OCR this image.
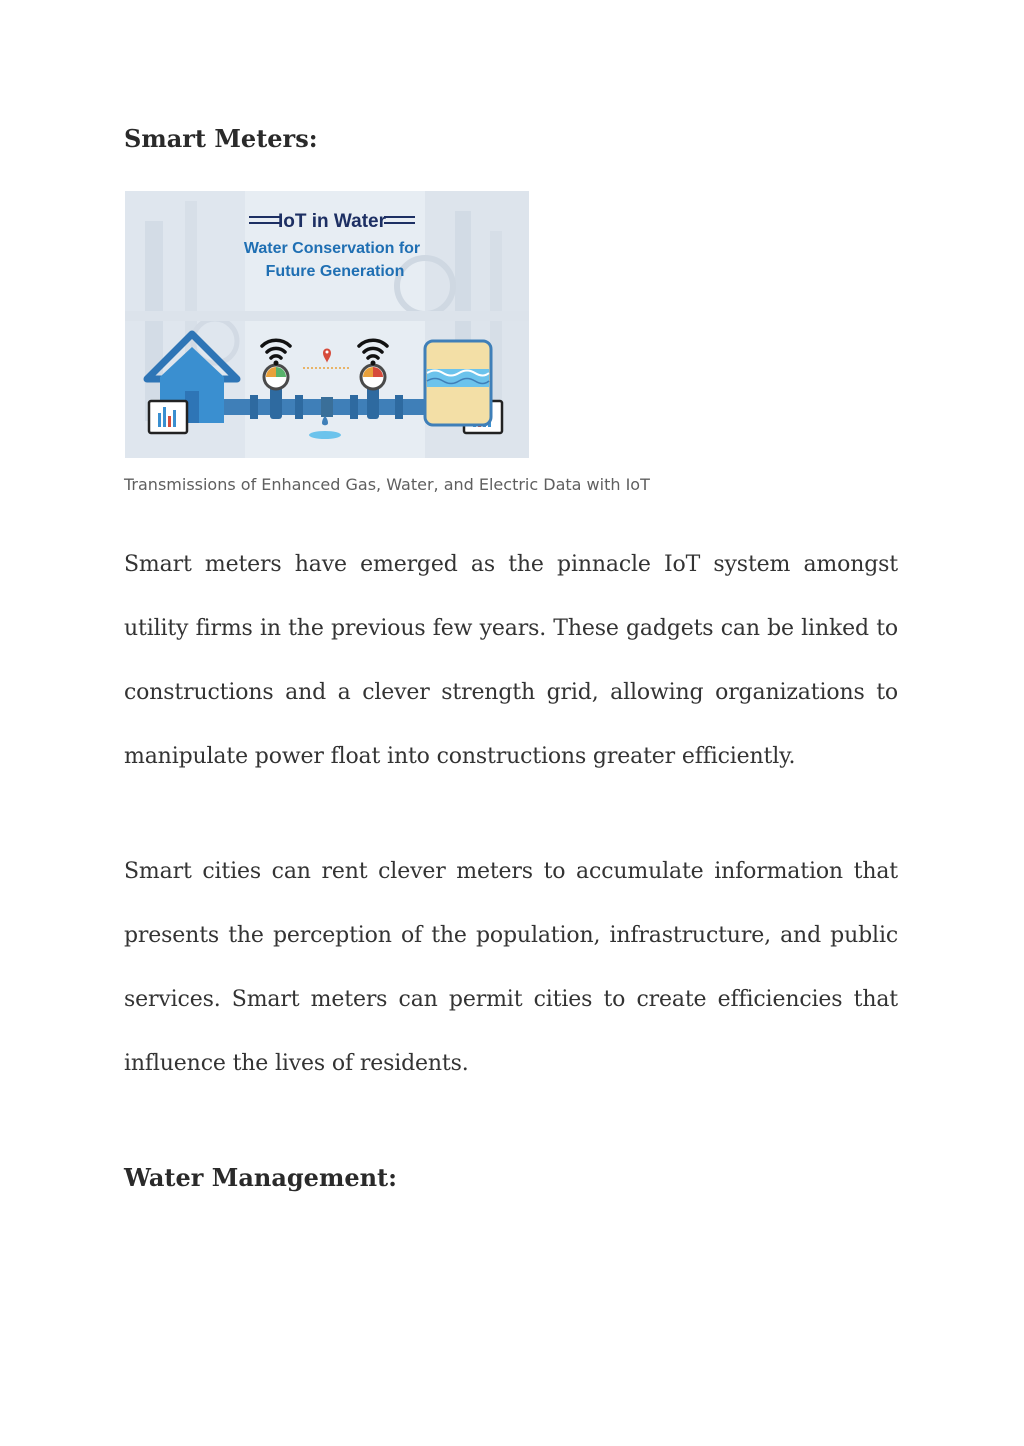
Smart Meters:
IoT in Water
Water Conservation for
Future Generation
Transmissions of Enhanced Gas, Water, and Electric Data with IoT

Smart meters have emerged as the pinnacle IoT system amongst utility firms in the previous few years. These gadgets can be linked to constructions and a clever strength grid, allowing organizations to manipulate power float into constructions greater efficiently.

Smart cities can rent clever meters to accumulate information that presents the perception of the population, infrastructure, and public services. Smart meters can permit cities to create efficiencies that influence the lives of residents.

Water Management:
